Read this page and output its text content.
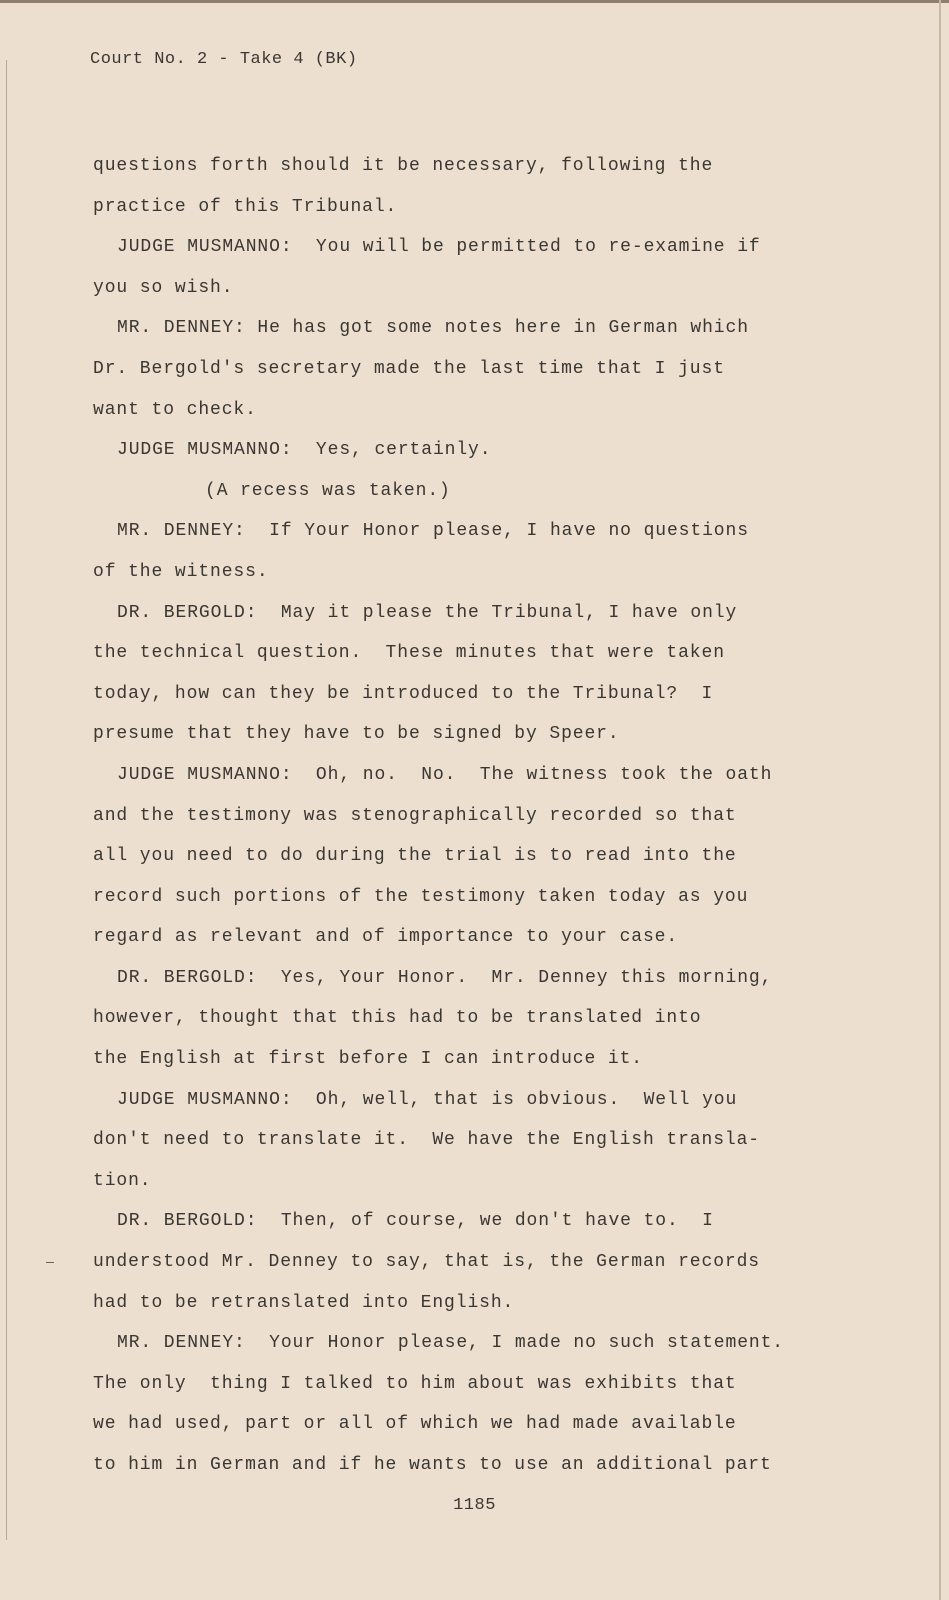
Court No. 2 - Take 4 (BK)
questions forth should it be necessary, following the
practice of this Tribunal.
JUDGE MUSMANNO:  You will be permitted to re-examine if
you so wish.
MR. DENNEY: He has got some notes here in German which
Dr. Bergold's secretary made the last time that I just
want to check.
JUDGE MUSMANNO:  Yes, certainly.
(A recess was taken.)
MR. DENNEY:  If Your Honor please, I have no questions
of the witness.
DR. BERGOLD:  May it please the Tribunal, I have only
the technical question.  These minutes that were taken
today, how can they be introduced to the Tribunal?  I
presume that they have to be signed by Speer.
JUDGE MUSMANNO:  Oh, no.  No.  The witness took the oath
and the testimony was stenographically recorded so that
all you need to do during the trial is to read into the
record such portions of the testimony taken today as you
regard as relevant and of importance to your case.
DR. BERGOLD:  Yes, Your Honor.  Mr. Denney this morning,
however, thought that this had to be translated into
the English at first before I can introduce it.
JUDGE MUSMANNO:  Oh, well, that is obvious.  Well you
don't need to translate it.  We have the English transla-
tion.
DR. BERGOLD:  Then, of course, we don't have to.  I
understood Mr. Denney to say, that is, the German records
had to be retranslated into English.
MR. DENNEY:  Your Honor please, I made no such statement.
The only  thing I talked to him about was exhibits that
we had used, part or all of which we had made available
to him in German and if he wants to use an additional part
1185
